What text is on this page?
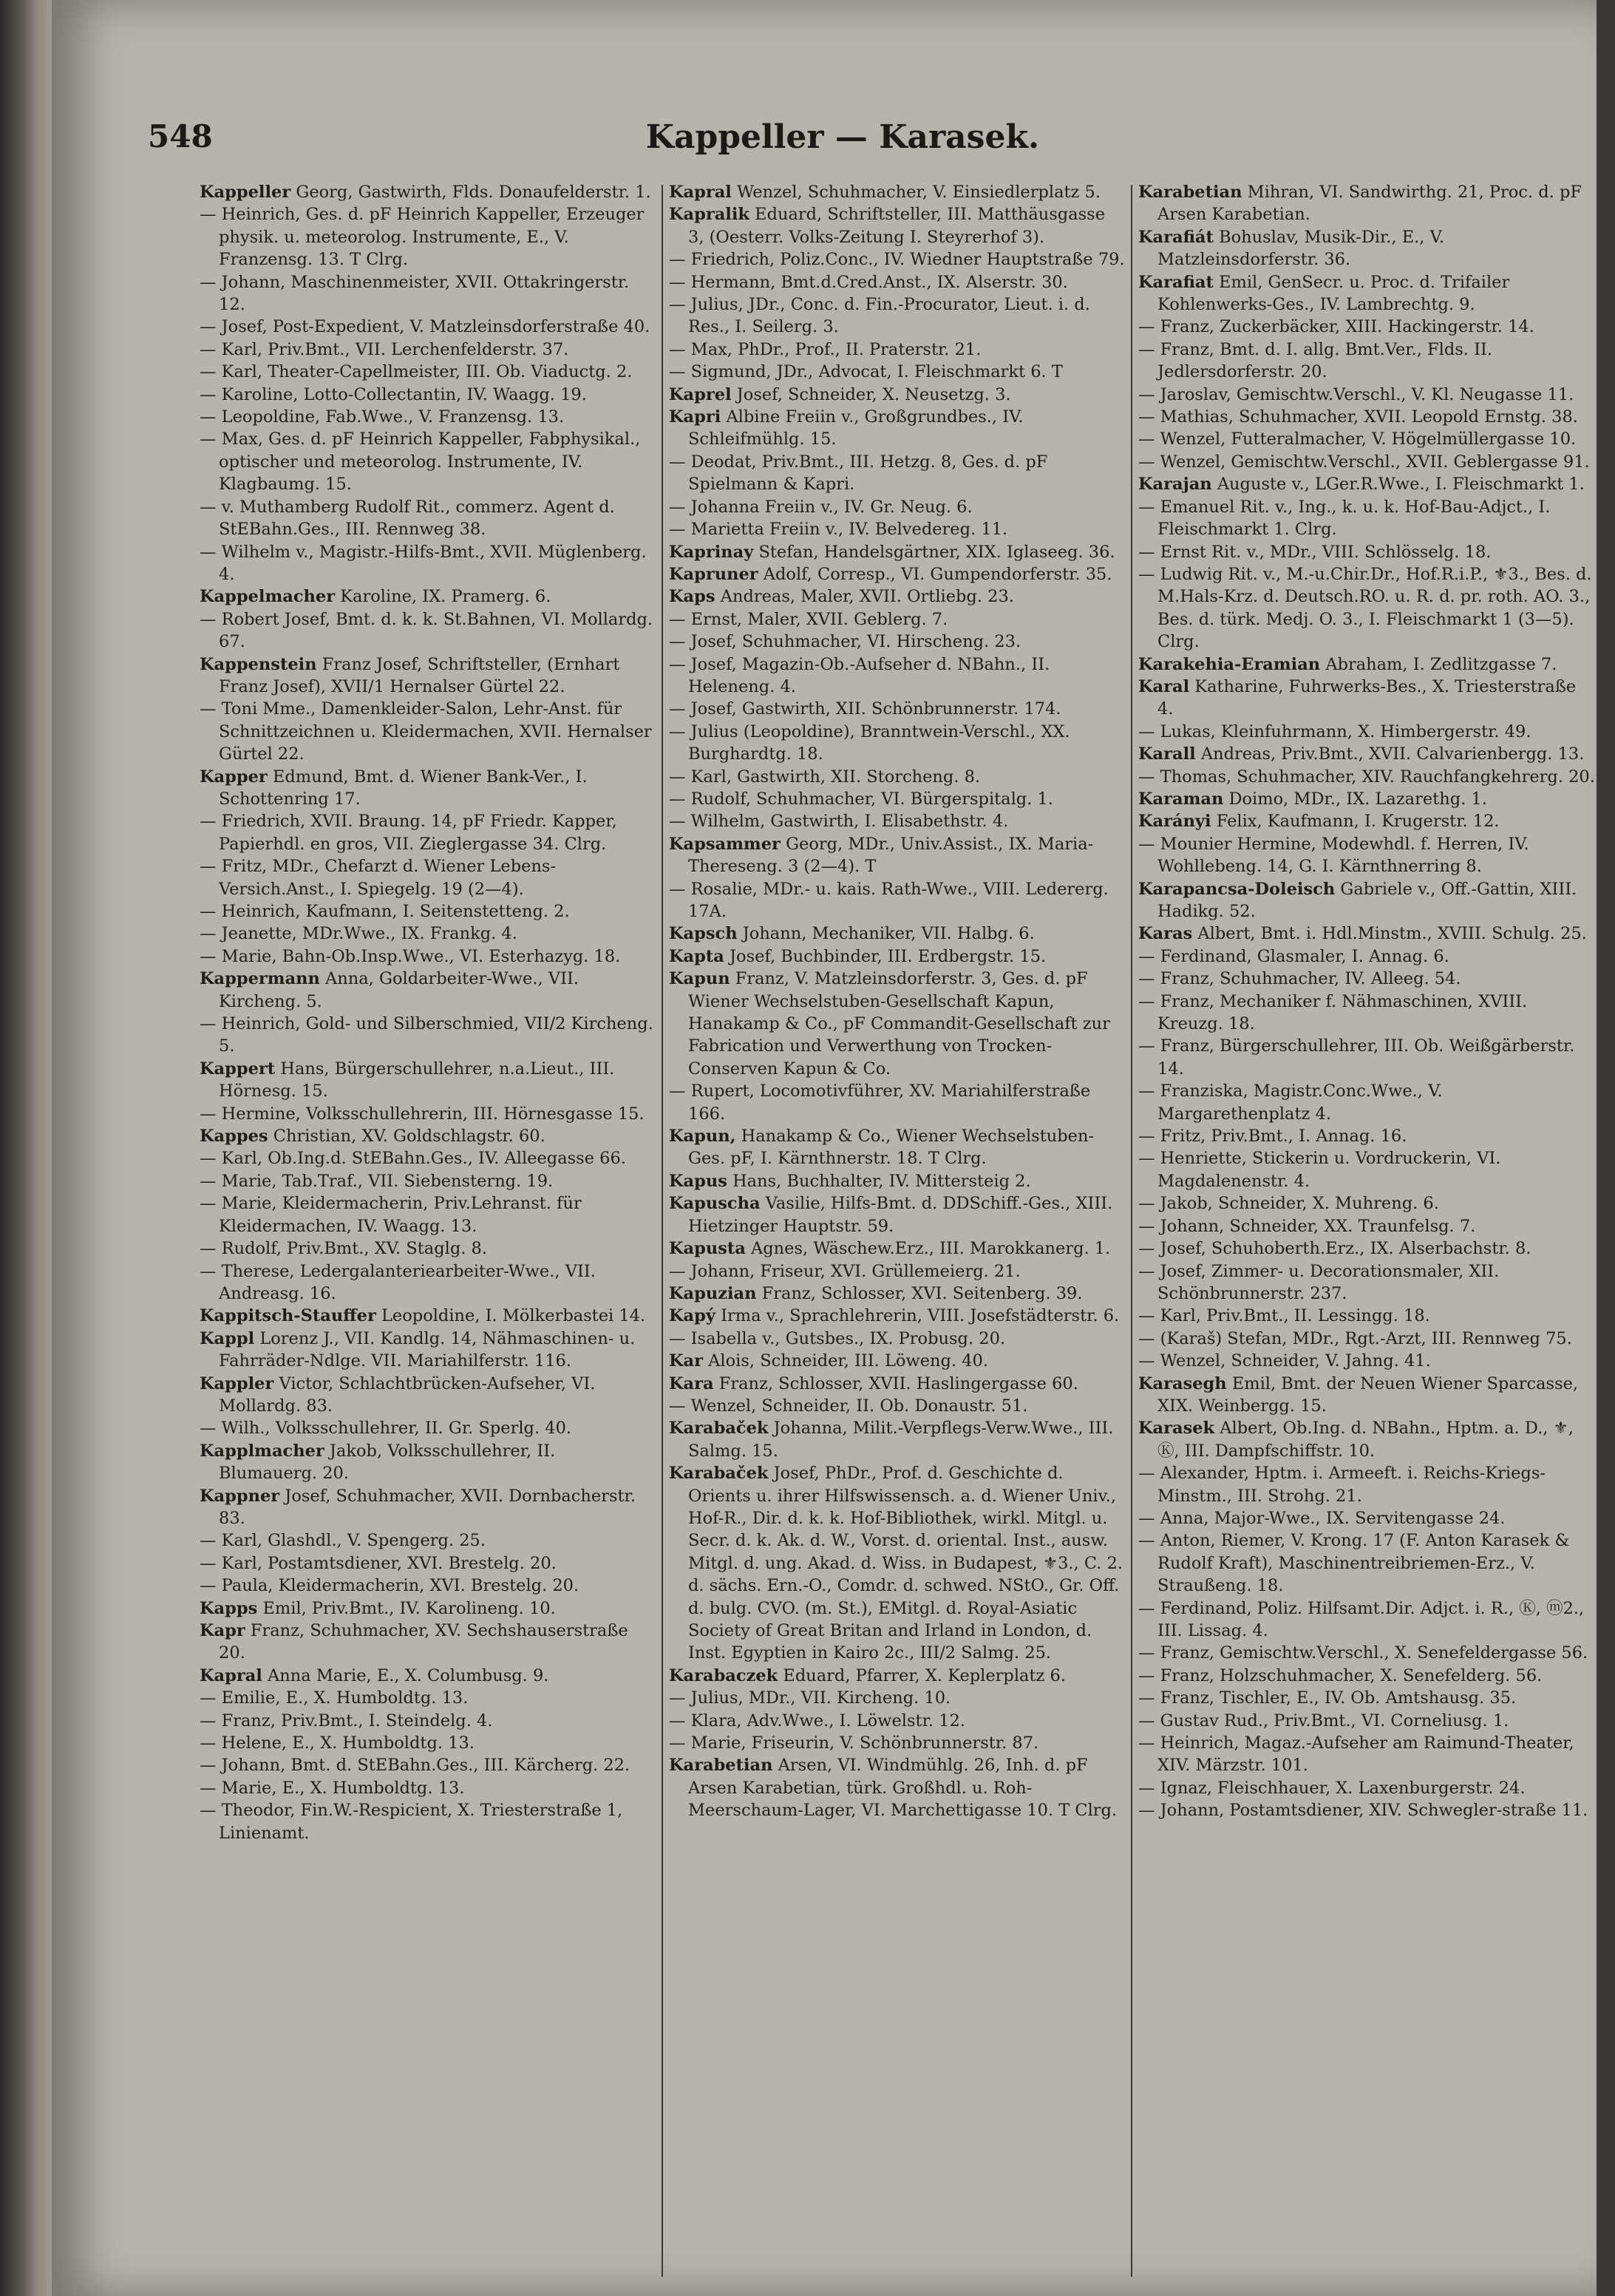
548	Kappeller — Karasek.

Kappeller Georg, Gastwirth, Flds. Donaufelderstr. 1.

— Heinrich, Ges. d. pF Heinrich Kappeller, Erzeuger physik. u. meteorolog. Instrumente, E., V. Franzensg. 13. T Clrg.

— Johann, Maschinenmeister, XVII. Ottakringerstr. 12.

— Josef, Post-Expedient, V. Matzleinsdorferstraße 40.

— Karl, Priv.Bmt., VII. Lerchenfelderstr. 37.

— Karl, Theater-Capellmeister, III. Ob. Viaductg. 2.

— Karoline, Lotto-Collectantin, IV. Waagg. 19.

— Leopoldine, Fab.Wwe., V. Franzensg. 13.

— Max, Ges. d. pF Heinrich Kappeller, Fabphysikal., optischer und meteorolog. Instrumente, IV. Klagbaumg. 15.

— v. Muthamberg Rudolf Rit., commerz. Agent d. StEBahn.Ges., III. Rennweg 38.

— Wilhelm v., Magistr.-Hilfs-Bmt., XVII. Müglenberg. 4.

Kappelmacher Karoline, IX. Pramerg. 6.

— Robert Josef, Bmt. d. k. k. St.Bahnen, VI. Mollardg. 67.

Kappenstein Franz Josef, Schriftsteller, (Ernhart Franz Josef), XVII/1 Hernalser Gürtel 22.

— Toni Mme., Damenkleider-Salon, Lehr-Anst. für Schnittzeichnen u. Kleidermachen, XVII. Hernalser Gürtel 22.

Kapper Edmund, Bmt. d. Wiener Bank-Ver., I. Schottenring 17.

— Friedrich, XVII. Braung. 14, pF Friedr. Kapper, Papierhdl. en gros, VII. Zieglergasse 34. Clrg.

— Fritz, MDr., Chefarzt d. Wiener Lebens-Versich.Anst., I. Spiegelg. 19 (2—4).

— Heinrich, Kaufmann, I. Seitenstetteng. 2.

— Jeanette, MDr.Wwe., IX. Frankg. 4.

— Marie, Bahn-Ob.Insp.Wwe., VI. Esterhazyg. 18.

Kappermann Anna, Goldarbeiter-Wwe., VII. Kircheng. 5.

— Heinrich, Gold- und Silberschmied, VII/2 Kircheng. 5.

Kappert Hans, Bürgerschullehrer, n.a.Lieut., III. Hörnesg. 15.

— Hermine, Volksschullehrerin, III. Hörnesgasse 15.

Kappes Christian, XV. Goldschlagstr. 60.

— Karl, Ob.Ing.d. StEBahn.Ges., IV. Alleegasse 66.

— Marie, Tab.Traf., VII. Siebensterng. 19.

— Marie, Kleidermacherin, Priv.Lehranst. für Kleidermachen, IV. Waagg. 13.

— Rudolf, Priv.Bmt., XV. Staglg. 8.

— Therese, Ledergalanteriearbeiter-Wwe., VII. Andreasg. 16.

Kappitsch-Stauffer Leopoldine, I. Mölkerbastei 14.

Kappl Lorenz J., VII. Kandlg. 14, Nähmaschinen- u. Fahrräder-Ndlge. VII. Mariahilferstr. 116.

Kappler Victor, Schlachtbrücken-Aufseher, VI. Mollardg. 83.

— Wilh., Volksschullehrer, II. Gr. Sperlg. 40.

Kapplmacher Jakob, Volksschullehrer, II. Blumauerg. 20.

Kappner Josef, Schuhmacher, XVII. Dornbacherstr. 83.

— Karl, Glashdl., V. Spengerg. 25.

— Karl, Postamtsdiener, XVI. Brestelg. 20.

— Paula, Kleidermacherin, XVI. Brestelg. 20.

Kapps Emil, Priv.Bmt., IV. Karolineng. 10.

Kapr Franz, Schuhmacher, XV. Sechshauserstraße 20.

Kapral Anna Marie, E., X. Columbusg. 9.

— Emilie, E., X. Humboldtg. 13.

— Franz, Priv.Bmt., I. Steindelg. 4.

— Helene, E., X. Humboldtg. 13.

— Johann, Bmt. d. StEBahn.Ges., III. Kärcherg. 22.

— Marie, E., X. Humboldtg. 13.

— Theodor, Fin.W.-Respicient, X. Triesterstraße 1, Linienamt.

Kapral Wenzel, Schuhmacher, V. Einsiedlerplatz 5.

Kapralik Eduard, Schriftsteller, III. Matthäusgasse 3, (Oesterr. Volks-Zeitung I. Steyrerhof 3).

— Friedrich, Poliz.Conc., IV. Wiedner Hauptstraße 79.

— Hermann, Bmt.d.Cred.Anst., IX. Alserstr. 30.

— Julius, JDr., Conc. d. Fin.-Procurator, Lieut. i. d. Res., I. Seilerg. 3.

— Max, PhDr., Prof., II. Praterstr. 21.

— Sigmund, JDr., Advocat, I. Fleischmarkt 6. T

Kaprel Josef, Schneider, X. Neusetzg. 3.

Kapri Albine Freiin v., Großgrundbes., IV. Schleifmühlg. 15.

— Deodat, Priv.Bmt., III. Hetzg. 8, Ges. d. pF Spielmann & Kapri.

— Johanna Freiin v., IV. Gr. Neug. 6.

— Marietta Freiin v., IV. Belvedereg. 11.

Kaprinay Stefan, Handelsgärtner, XIX. Iglaseeg. 36.

Kapruner Adolf, Corresp., VI. Gumpendorferstr. 35.

Kaps Andreas, Maler, XVII. Ortliebg. 23.

— Ernst, Maler, XVII. Geblerg. 7.

— Josef, Schuhmacher, VI. Hirscheng. 23.

— Josef, Magazin-Ob.-Aufseher d. NBahn., II. Heleneng. 4.

— Josef, Gastwirth, XII. Schönbrunnerstr. 174.

— Julius (Leopoldine), Branntwein-Verschl., XX. Burghardtg. 18.

— Karl, Gastwirth, XII. Storcheng. 8.

— Rudolf, Schuhmacher, VI. Bürgerspitalg. 1.

— Wilhelm, Gastwirth, I. Elisabethstr. 4.

Kapsammer Georg, MDr., Univ.Assist., IX. Maria-Thereseng. 3 (2—4). T

— Rosalie, MDr.- u. kais. Rath-Wwe., VIII. Ledererg. 17A.

Kapsch Johann, Mechaniker, VII. Halbg. 6.

Kapta Josef, Buchbinder, III. Erdbergstr. 15.

Kapun Franz, V. Matzleinsdorferstr. 3, Ges. d. pF Wiener Wechselstuben-Gesellschaft Kapun, Hanakamp & Co., pF Commandit-Gesellschaft zur Fabrication und Verwerthung von Trocken-Conserven Kapun & Co.

— Rupert, Locomotivführer, XV. Mariahilferstraße 166.

Kapun, Hanakamp & Co., Wiener Wechselstuben-Ges. pF, I. Kärnthnerstr. 18. T Clrg.

Kapus Hans, Buchhalter, IV. Mittersteig 2.

Kapuscha Vasilie, Hilfs-Bmt. d. DDSchiff.-Ges., XIII. Hietzinger Hauptstr. 59.

Kapusta Agnes, Wäschew.Erz., III. Marokkanerg. 1.

— Johann, Friseur, XVI. Grüllemeierg. 21.

Kapuzian Franz, Schlosser, XVI. Seitenberg. 39.

Kapý Irma v., Sprachlehrerin, VIII. Josefstädterstr. 6.

— Isabella v., Gutsbes., IX. Probusg. 20.

Kar Alois, Schneider, III. Löweng. 40.

Kara Franz, Schlosser, XVII. Haslingergasse 60.

— Wenzel, Schneider, II. Ob. Donaustr. 51.

Karabaček Johanna, Milit.-Verpflegs-Verw.Wwe., III. Salmg. 15.

Karabaček Josef, PhDr., Prof. d. Geschichte d. Orients u. ihrer Hilfswissensch. a. d. Wiener Univ., Hof-R., Dir. d. k. k. Hof-Bibliothek, wirkl. Mitgl. u. Secr. d. k. Ak. d. W., Vorst. d. oriental. Inst., ausw. Mitgl. d. ung. Akad. d. Wiss. in Budapest, ⚜3., C. 2. d. sächs. Ern.-O., Comdr. d. schwed. NStO., Gr. Off. d. bulg. CVO. (m. St.), EMitgl. d. Royal-Asiatic Society of Great Britan and Irland in London, d. Inst. Egyptien in Kairo 2c., III/2 Salmg. 25.

Karabaczek Eduard, Pfarrer, X. Keplerplatz 6.

— Julius, MDr., VII. Kircheng. 10.

— Klara, Adv.Wwe., I. Löwelstr. 12.

— Marie, Friseurin, V. Schönbrunnerstr. 87.

Karabetian Arsen, VI. Windmühlg. 26, Inh. d. pF Arsen Karabetian, türk. Großhdl. u. Roh-Meerschaum-Lager, VI. Marchettigasse 10. T Clrg.

Karabetian Mihran, VI. Sandwirthg. 21, Proc. d. pF Arsen Karabetian.

Karafiát Bohuslav, Musik-Dir., E., V. Matzleinsdorferstr. 36.

Karafiat Emil, GenSecr. u. Proc. d. Trifailer Kohlenwerks-Ges., IV. Lambrechtg. 9.

— Franz, Zuckerbäcker, XIII. Hackingerstr. 14.

— Franz, Bmt. d. I. allg. Bmt.Ver., Flds. II. Jedlersdorferstr. 20.

— Jaroslav, Gemischtw.Verschl., V. Kl. Neugasse 11.

— Mathias, Schuhmacher, XVII. Leopold Ernstg. 38.

— Wenzel, Futteralmacher, V. Högelmüllergasse 10.

— Wenzel, Gemischtw.Verschl., XVII. Geblergasse 91.

Karajan Auguste v., LGer.R.Wwe., I. Fleischmarkt 1.

— Emanuel Rit. v., Ing., k. u. k. Hof-Bau-Adjct., I. Fleischmarkt 1. Clrg.

— Ernst Rit. v., MDr., VIII. Schlösselg. 18.

— Ludwig Rit. v., M.-u.Chir.Dr., Hof.R.i.P., ⚜3., Bes. d. M.Hals-Krz. d. Deutsch.RO. u. R. d. pr. roth. AO. 3., Bes. d. türk. Medj. O. 3., I. Fleischmarkt 1 (3—5). Clrg.

Karakehia-Eramian Abraham, I. Zedlitzgasse 7.

Karal Katharine, Fuhrwerks-Bes., X. Triesterstraße 4.

— Lukas, Kleinfuhrmann, X. Himbergerstr. 49.

Karall Andreas, Priv.Bmt., XVII. Calvarienbergg. 13.

— Thomas, Schuhmacher, XIV. Rauchfangkehrerg. 20.

Karaman Doimo, MDr., IX. Lazarethg. 1.

Karányi Felix, Kaufmann, I. Krugerstr. 12.

— Mounier Hermine, Modewhdl. f. Herren, IV. Wohllebeng. 14, G. I. Kärnthnerring 8.

Karapancsa-Doleisch Gabriele v., Off.-Gattin, XIII. Hadikg. 52.

Karas Albert, Bmt. i. Hdl.Minstm., XVIII. Schulg. 25.

— Ferdinand, Glasmaler, I. Annag. 6.

— Franz, Schuhmacher, IV. Alleeg. 54.

— Franz, Mechaniker f. Nähmaschinen, XVIII. Kreuzg. 18.

— Franz, Bürgerschullehrer, III. Ob. Weißgärberstr. 14.

— Franziska, Magistr.Conc.Wwe., V. Margarethenplatz 4.

— Fritz, Priv.Bmt., I. Annag. 16.

— Henriette, Stickerin u. Vordruckerin, VI. Magdalenenstr. 4.

— Jakob, Schneider, X. Muhreng. 6.

— Johann, Schneider, XX. Traunfelsg. 7.

— Josef, Schuhoberth.Erz., IX. Alserbachstr. 8.

— Josef, Zimmer- u. Decorationsmaler, XII. Schönbrunnerstr. 237.

— Karl, Priv.Bmt., II. Lessingg. 18.

— (Karaš) Stefan, MDr., Rgt.-Arzt, III. Rennweg 75.

— Wenzel, Schneider, V. Jahng. 41.

Karasegh Emil, Bmt. der Neuen Wiener Sparcasse, XIX. Weinbergg. 15.

Karasek Albert, Ob.Ing. d. NBahn., Hptm. a. D., ⚜, Ⓚ, III. Dampfschiffstr. 10.

— Alexander, Hptm. i. Armeeft. i. Reichs-Kriegs-Minstm., III. Strohg. 21.

— Anna, Major-Wwe., IX. Servitengasse 24.

— Anton, Riemer, V. Krong. 17 (F. Anton Karasek & Rudolf Kraft), Maschinentreibriemen-Erz., V. Straußeng. 18.

— Ferdinand, Poliz. Hilfsamt.Dir. Adjct. i. R., Ⓚ, ⓜ2., III. Lissag. 4.

— Franz, Gemischtw.Verschl., X. Senefeldergasse 56.

— Franz, Holzschuhmacher, X. Senefelderg. 56.

— Franz, Tischler, E., IV. Ob. Amtshausg. 35.

— Gustav Rud., Priv.Bmt., VI. Corneliusg. 1.

— Heinrich, Magaz.-Aufseher am Raimund-Theater, XIV. Märzstr. 101.

— Ignaz, Fleischhauer, X. Laxenburgerstr. 24.

— Johann, Postamtsdiener, XIV. Schwegler-straße 11.
